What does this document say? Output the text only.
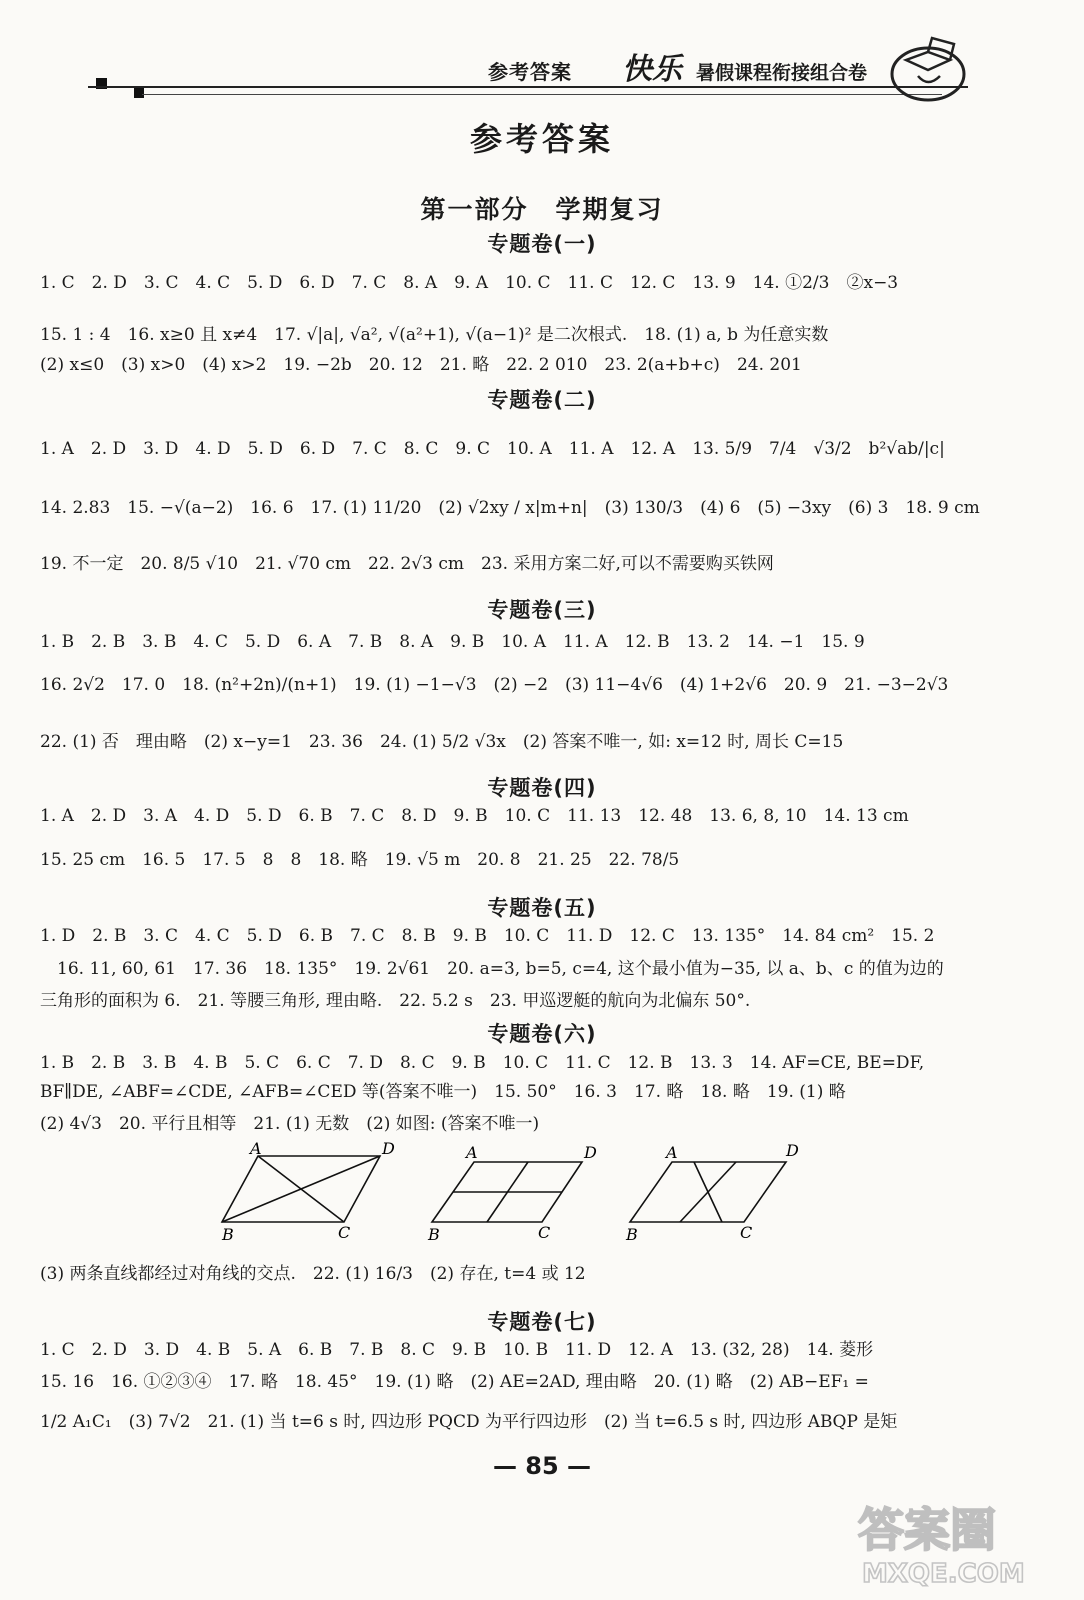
参考答案 快乐 暑假课程衔接组合卷
参考答案
第一部分　学期复习
专题卷(一)
1. C　2. D　3. C　4. C　5. D　6. D　7. C　8. A　9. A　10. C　11. C　12. C　13. 9　14. ①2/3　②x−3
15. 1 : 4　16. x≥0 且 x≠4　17. √|a|, √a², √(a²+1), √(a−1)² 是二次根式.　18. (1) a, b 为任意实数
(2) x≤0　(3) x>0　(4) x>2　19. −2b　20. 12　21. 略　22. 2 010　23. 2(a+b+c)　24. 201
专题卷(二)
1. A　2. D　3. D　4. D　5. D　6. D　7. C　8. C　9. C　10. A　11. A　12. A　13. 5/9　7/4　√3/2　b²√ab/|c|
14. 2.83　15. −√(a−2)　16. 6　17. (1) 11/20　(2) √2xy / x|m+n|　(3) 130/3　(4) 6　(5) −3xy　(6) 3　18. 9 cm
19. 不一定　20. 8/5 √10　21. √70 cm　22. 2√3 cm　23. 采用方案二好,可以不需要购买铁网
专题卷(三)
1. B　2. B　3. B　4. C　5. D　6. A　7. B　8. A　9. B　10. A　11. A　12. B　13. 2　14. −1　15. 9
16. 2√2　17. 0　18. (n²+2n)/(n+1)　19. (1) −1−√3　(2) −2　(3) 11−4√6　(4) 1+2√6　20. 9　21. −3−2√3
22. (1) 否　理由略　(2) x−y=1　23. 36　24. (1) 5/2 √3x　(2) 答案不唯一, 如: x=12 时, 周长 C=15
专题卷(四)
1. A　2. D　3. A　4. D　5. D　6. B　7. C　8. D　9. B　10. C　11. 13　12. 48　13. 6, 8, 10　14. 13 cm
15. 25 cm　16. 5　17. 5　8　8　18. 略　19. √5 m　20. 8　21. 25　22. 78/5
专题卷(五)
1. D　2. B　3. C　4. C　5. D　6. B　7. C　8. B　9. B　10. C　11. D　12. C　13. 135°　14. 84 cm²　15. 2
　16. 11, 60, 61　17. 36　18. 135°　19. 2√61　20. a=3, b=5, c=4, 这个最小值为−35, 以 a、b、c 的值为边的
三角形的面积为 6.　21. 等腰三角形, 理由略.　22. 5.2 s　23. 甲巡逻艇的航向为北偏东 50°.
专题卷(六)
1. B　2. B　3. B　4. B　5. C　6. C　7. D　8. C　9. B　10. C　11. C　12. B　13. 3　14. AF=CE, BE=DF,
BF∥DE, ∠ABF=∠CDE, ∠AFB=∠CED 等(答案不唯一)　15. 50°　16. 3　17. 略　18. 略　19. (1) 略
(2) 4√3　20. 平行且相等　21. (1) 无数　(2) 如图: (答案不唯一)
A	D
B	C
A	D
B	C
A	D
B	C
(3) 两条直线都经过对角线的交点.　22. (1) 16/3　(2) 存在, t=4 或 12
专题卷(七)
1. C　2. D　3. D　4. B　5. A　6. B　7. B　8. C　9. B　10. B　11. D　12. A　13. (32, 28)　14. 菱形
15. 16　16. ①②③④　17. 略　18. 45°　19. (1) 略　(2) AE=2AD, 理由略　20. (1) 略　(2) AB−EF₁ =
1/2 A₁C₁　(3) 7√2　21. (1) 当 t=6 s 时, 四边形 PQCD 为平行四边形　(2) 当 t=6.5 s 时, 四边形 ABQP 是矩
— 85 —
答案圈
MXQE.COM
